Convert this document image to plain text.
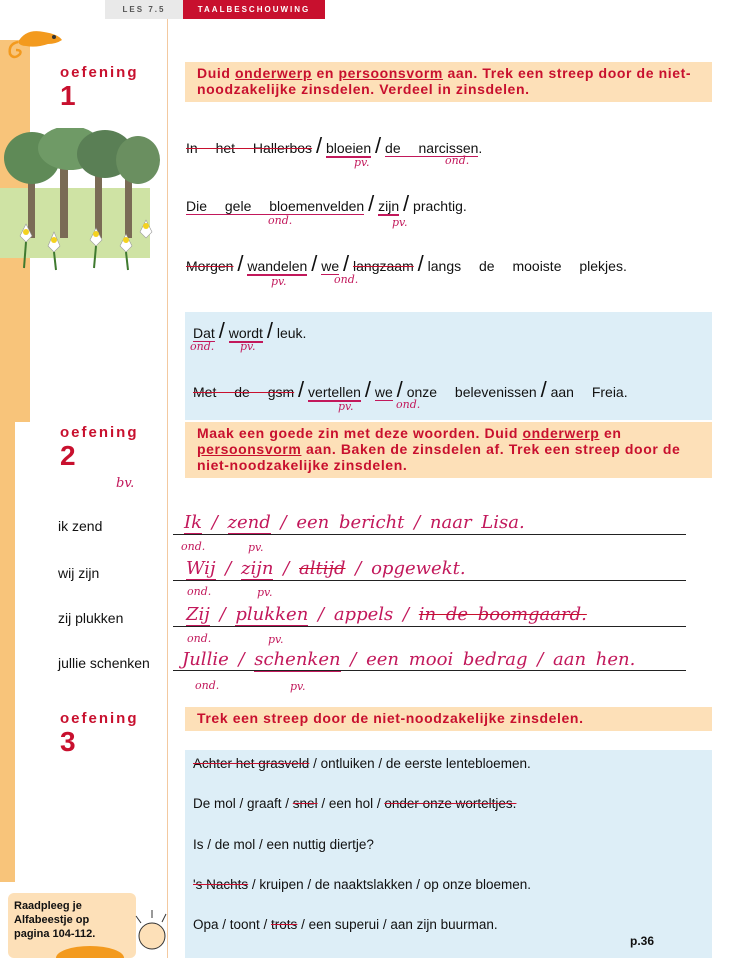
LES 7.5	TAALBESCHOUWING
oefening
1
Duid onderwerp en persoonsvorm aan. Trek een streep door de niet-noodzakelijke zinsdelen. Verdeel in zinsdelen.
In het Hallerbos / bloeien / de narcissen.
pv.	ond.
Die gele bloemenvelden / zijn / prachtig.
ond.	pv.
Morgen / wandelen / we / langzaam / langs de mooiste plekjes.
pv.	ond.
Dat / wordt / leuk.
ond. pv.
Met de gsm / vertellen / we / onze belevenissen / aan Freia.
pv.	ond.
oefening
2
bv.
Maak een goede zin met deze woorden. Duid onderwerp en persoonsvorm aan. Baken de zinsdelen af. Trek een streep door de niet-noodzakelijke zinsdelen.
ik zend	Ik / zend / een bericht / naar Lisa.
ond.	pv.
wij zijn	Wij / zijn / altijd / opgewekt.
ond.	pv.
zij plukken	Zij / plukken / appels / in de boomgaard.
ond.	pv.
jullie schenken Jullie / schenken / een mooi bedrag / aan hen.
ond.	pv.
oefening
3
Trek een streep door de niet-noodzakelijke zinsdelen.
Achter het grasveld / ontluiken / de eerste lentebloemen.
De mol / graaft / snel / een hol / onder onze worteltjes.
Is / de mol / een nuttig diertje?
's Nachts / kruipen / de naaktslakken / op onze bloemen.
Opa / toont / trots / een superui / aan zijn buurman.
Raadpleeg je
Alfabeestje op
pagina 104-112.	p.36
